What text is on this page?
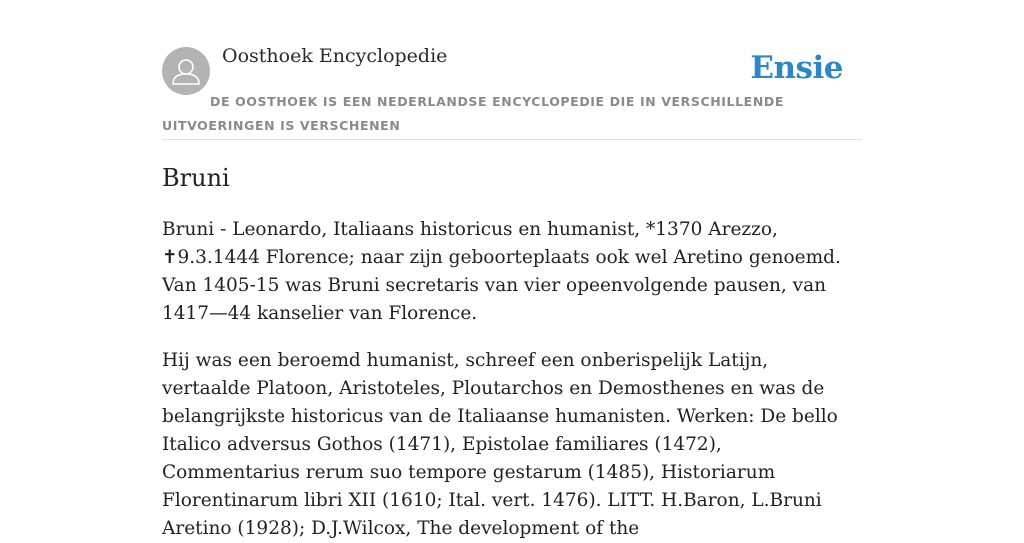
Oosthoek Encyclopedie	Ensie
DE OOSTHOEK IS EEN NEDERLANDSE ENCYCLOPEDIE DIE IN VERSCHILLENDE UITVOERINGEN IS VERSCHENEN
Bruni

Bruni - Leonardo, Italiaans historicus en humanist, *1370 Arezzo, ✝9.3.1444 Florence; naar zijn geboorteplaats ook wel Aretino genoemd. Van 1405-15 was Bruni secretaris van vier opeenvolgende pausen, van 1417—44 kanselier van Florence.

Hij was een beroemd humanist, schreef een onberispelijk Latijn, vertaalde Platoon, Aristoteles, Ploutarchos en Demosthenes en was de belangrijkste historicus van de Italiaanse humanisten. Werken: De bello Italico adversus Gothos (1471), Epistolae familiares (1472), Commentarius rerum suo tempore gestarum (1485), Historiarum Florentinarum libri XII (1610; Ital. vert. 1476). LITT. H.Baron, L.Bruni Aretino (1928); D.J.Wilcox, The development of the
